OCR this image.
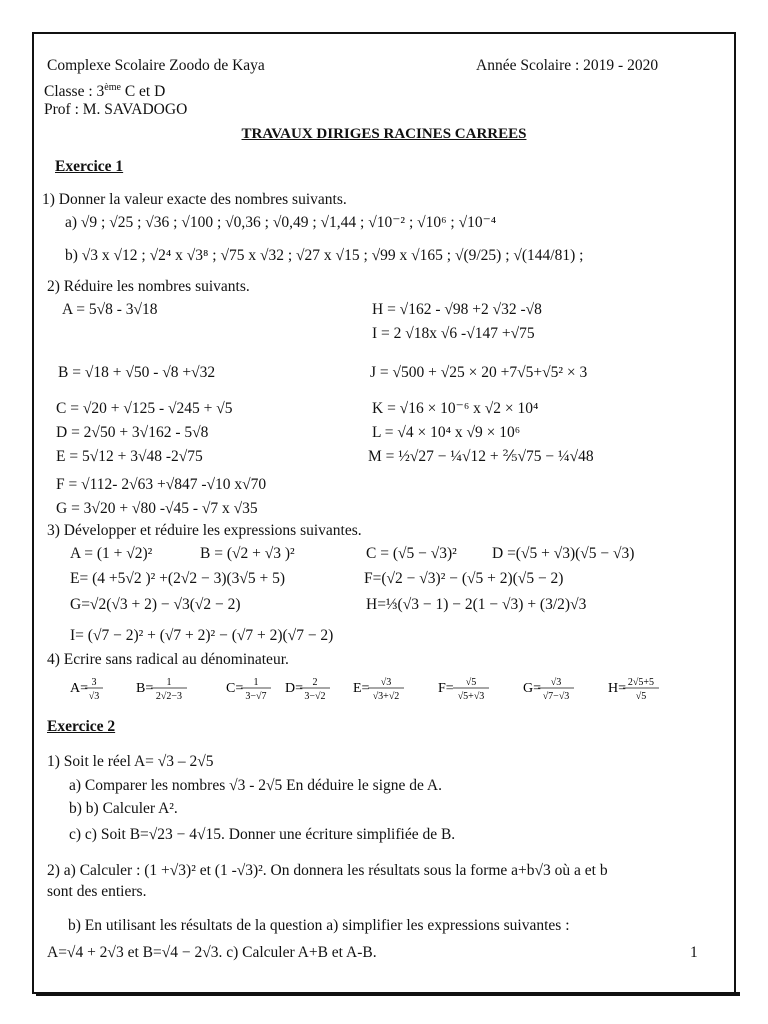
Complexe Scolaire Zoodo de Kaya	Année Scolaire : 2019 - 2020
Classe : 3ème C et D
Prof : M. SAVADOGO
TRAVAUX DIRIGES RACINES CARREES
Exercice 1
1) Donner la valeur exacte des nombres suivants.
a) √9 ; √25 ; √36 ; √100 ; √0,36 ; √0,49 ; √1,44 ; √10⁻² ; √10⁶ ; √10⁻⁴
b) √3 x √12 ; √2⁴ x √3⁸ ; √75 x √32 ; √27 x √15 ; √99 x √165 ; √(9/25) ; √(144/81) ;
2) Réduire les nombres suivants.
A = 5√8 - 3√18	H = √162 - √98 +2 √32 -√8
I = 2 √18x √6 -√147 +√75
B = √18 + √50 - √8 +√32	J = √500 + √25 × 20 +7√5+√5² × 3
C = √20 + √125 - √245 + √5	K = √16 × 10⁻⁶ x √2 × 10⁴
D = 2√50 + 3√162 - 5√8	L = √4 × 10⁴ x √9 × 10⁶
E = 5√12 + 3√48 -2√75	M = ½√27 − ¼√12 + ⅖√75 − ¼√48
F = √112- 2√63 +√847 -√10 x√70
G = 3√20 + √80 -√45 - √7 x √35
3) Développer et réduire les expressions suivantes.
A = (1 + √2)²	B = (√2 + √3 )²	C = (√5 − √3)² D =(√5 + √3)(√5 − √3)
E= (4 +5√2 )² +(2√2 − 3)(3√5 + 5)	F=(√2 − √3)² − (√5 + 2)(√5 − 2)
G=√2(√3 + 2) − √3(√2 − 2)	H=⅓(√3 − 1) − 2(1 − √3) + (3/2)√3
I= (√7 − 2)² + (√7 + 2)² − (√7 + 2)(√7 − 2)
4) Ecrire sans radical au dénominateur.
A= 3
√3
B= 1
2√2−3
C= 1
3−√7
D= 2
3−√2
E= √3
√3+√2
F= √5
√5+√3
G= √3
√7−√3
H= 2√5+5
√5
Exercice 2
1) Soit le réel A= √3 – 2√5
a) Comparer les nombres √3 - 2√5 En déduire le signe de A.
b) b) Calculer A².
c) c) Soit B=√23 − 4√15. Donner une écriture simplifiée de B.
2) a) Calculer : (1 +√3)² et (1 -√3)². On donnera les résultats sous la forme a+b√3 où a et b
sont des entiers.
b) En utilisant les résultats de la question a) simplifier les expressions suivantes :
A=√4 + 2√3 et B=√4 − 2√3. c) Calculer A+B et A-B.	1
